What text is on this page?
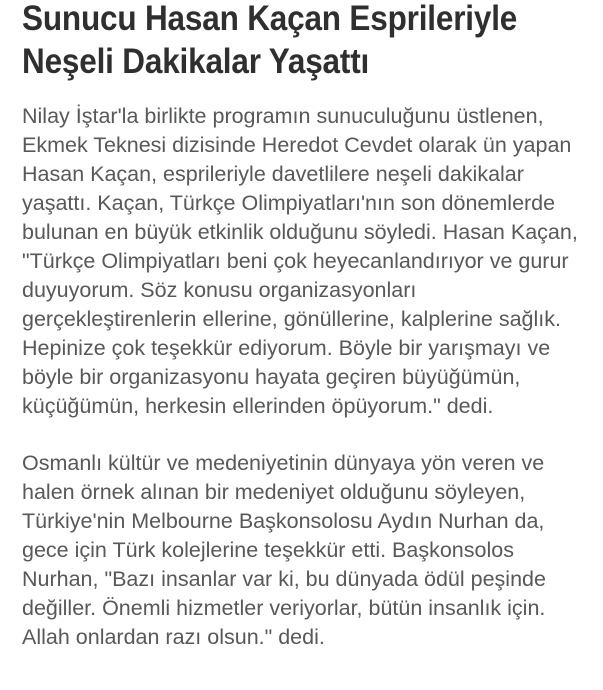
Sunucu Hasan Kaçan Esprileriyle Neşeli Dakikalar Yaşattı

Nilay İştar'la birlikte programın sunuculuğunu üstlenen, Ekmek Teknesi dizisinde Heredot Cevdet olarak ün yapan Hasan Kaçan, esprileriyle davetlilere neşeli dakikalar yaşattı. Kaçan, Türkçe Olimpiyatları'nın son dönemlerde bulunan en büyük etkinlik olduğunu söyledi. Hasan Kaçan, "Türkçe Olimpiyatları beni çok heyecanlandırıyor ve gurur duyuyorum. Söz konusu organizasyonları gerçekleştirenlerin ellerine, gönüllerine, kalplerine sağlık. Hepinize çok teşekkür ediyorum. Böyle bir yarışmayı ve böyle bir organizasyonu hayata geçiren büyüğümün, küçüğümün, herkesin ellerinden öpüyorum." dedi.

Osmanlı kültür ve medeniyetinin dünyaya yön veren ve halen örnek alınan bir medeniyet olduğunu söyleyen, Türkiye'nin Melbourne Başkonsolosu Aydın Nurhan da, gece için Türk kolejlerine teşekkür etti. Başkonsolos Nurhan, "Bazı insanlar var ki, bu dünyada ödül peşinde değiller. Önemli hizmetler veriyorlar, bütün insanlık için. Allah onlardan razı olsun." dedi.
